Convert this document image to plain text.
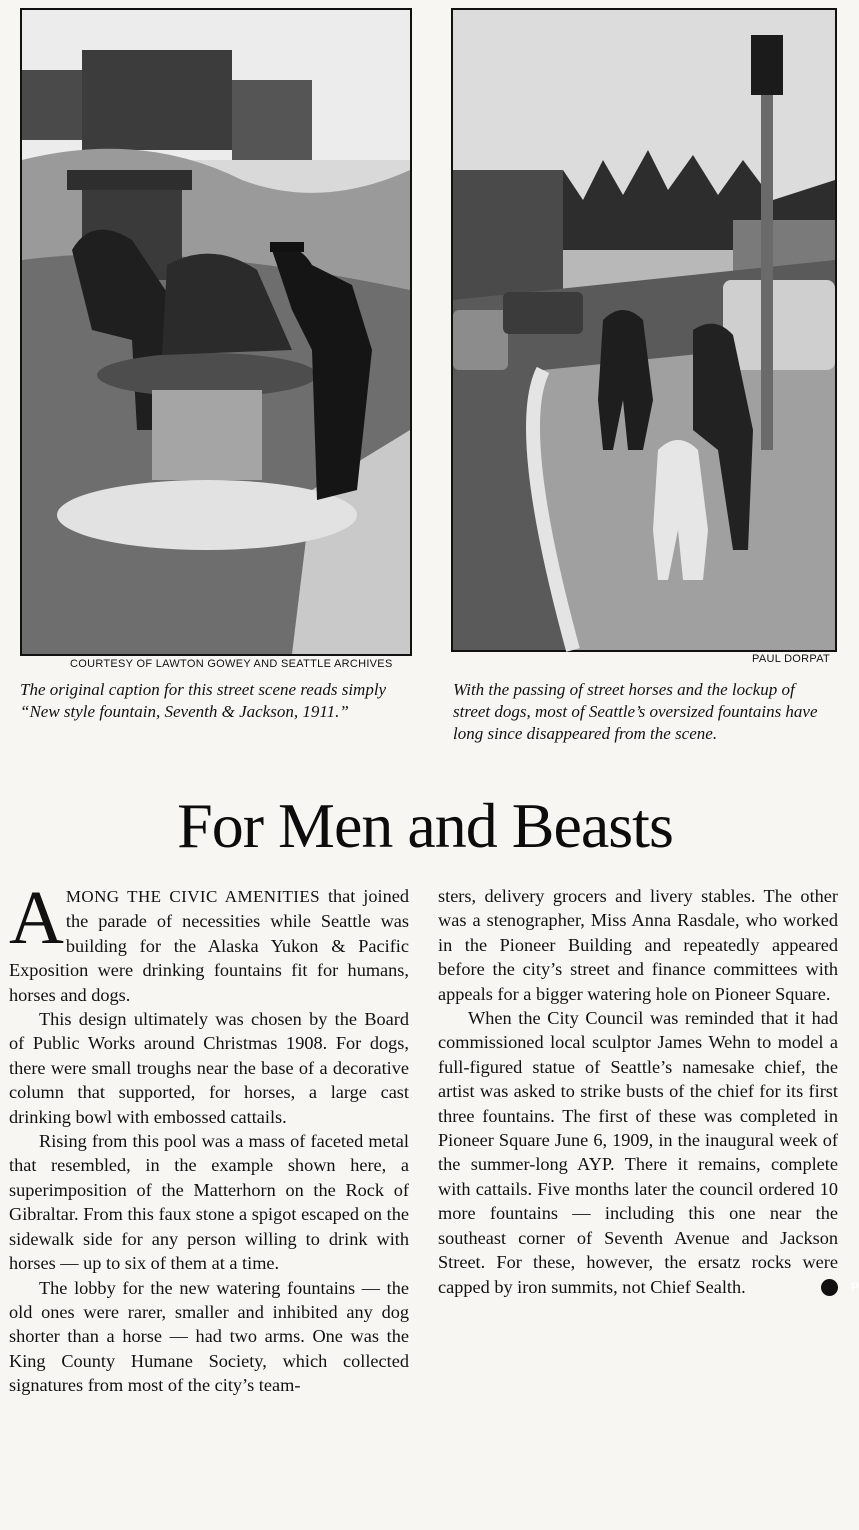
COURTESY OF LAWTON GOWEY AND SEATTLE ARCHIVES
The original caption for this street scene reads simply “New style fountain, Seventh & Jackson, 1911.”
PAUL DORPAT
With the passing of street horses and the lockup of street dogs, most of Seattle’s oversized fountains have long since disappeared from the scene.
For Men and Beasts

AMONG THE CIVIC AMENITIES that joined the parade of necessities while Seattle was building for the Alaska Yukon & Pacific Exposition were drinking fountains fit for humans, horses and dogs.

This design ultimately was chosen by the Board of Public Works around Christmas 1908. For dogs, there were small troughs near the base of a decorative column that supported, for horses, a large cast drinking bowl with embossed cattails.

Rising from this pool was a mass of faceted metal that resembled, in the example shown here, a superimposition of the Matterhorn on the Rock of Gibraltar. From this faux stone a spigot escaped on the sidewalk side for any person willing to drink with horses — up to six of them at a time.

The lobby for the new watering fountains — the old ones were rarer, smaller and inhibited any dog shorter than a horse — had two arms. One was the King County Humane Society, which collected signatures from most of the city’s team-

sters, delivery grocers and livery stables. The other was a stenographer, Miss Anna Rasdale, who worked in the Pioneer Building and repeatedly appeared before the city’s street and finance committees with appeals for a bigger watering hole on Pioneer Square.

When the City Council was reminded that it had commissioned local sculptor James Wehn to model a full-figured statue of Seattle’s namesake chief, the artist was asked to strike busts of the chief for its first three fountains. The first of these was completed in Pioneer Square June 6, 1909, in the inaugural week of the summer-long AYP. There it remains, complete with cattails. Five months later the council ordered 10 more fountains — including this one near the southeast corner of Seventh Avenue and Jackson Street. For these, however, the ersatz rocks were capped by iron summits, not Chief Sealth.	P
